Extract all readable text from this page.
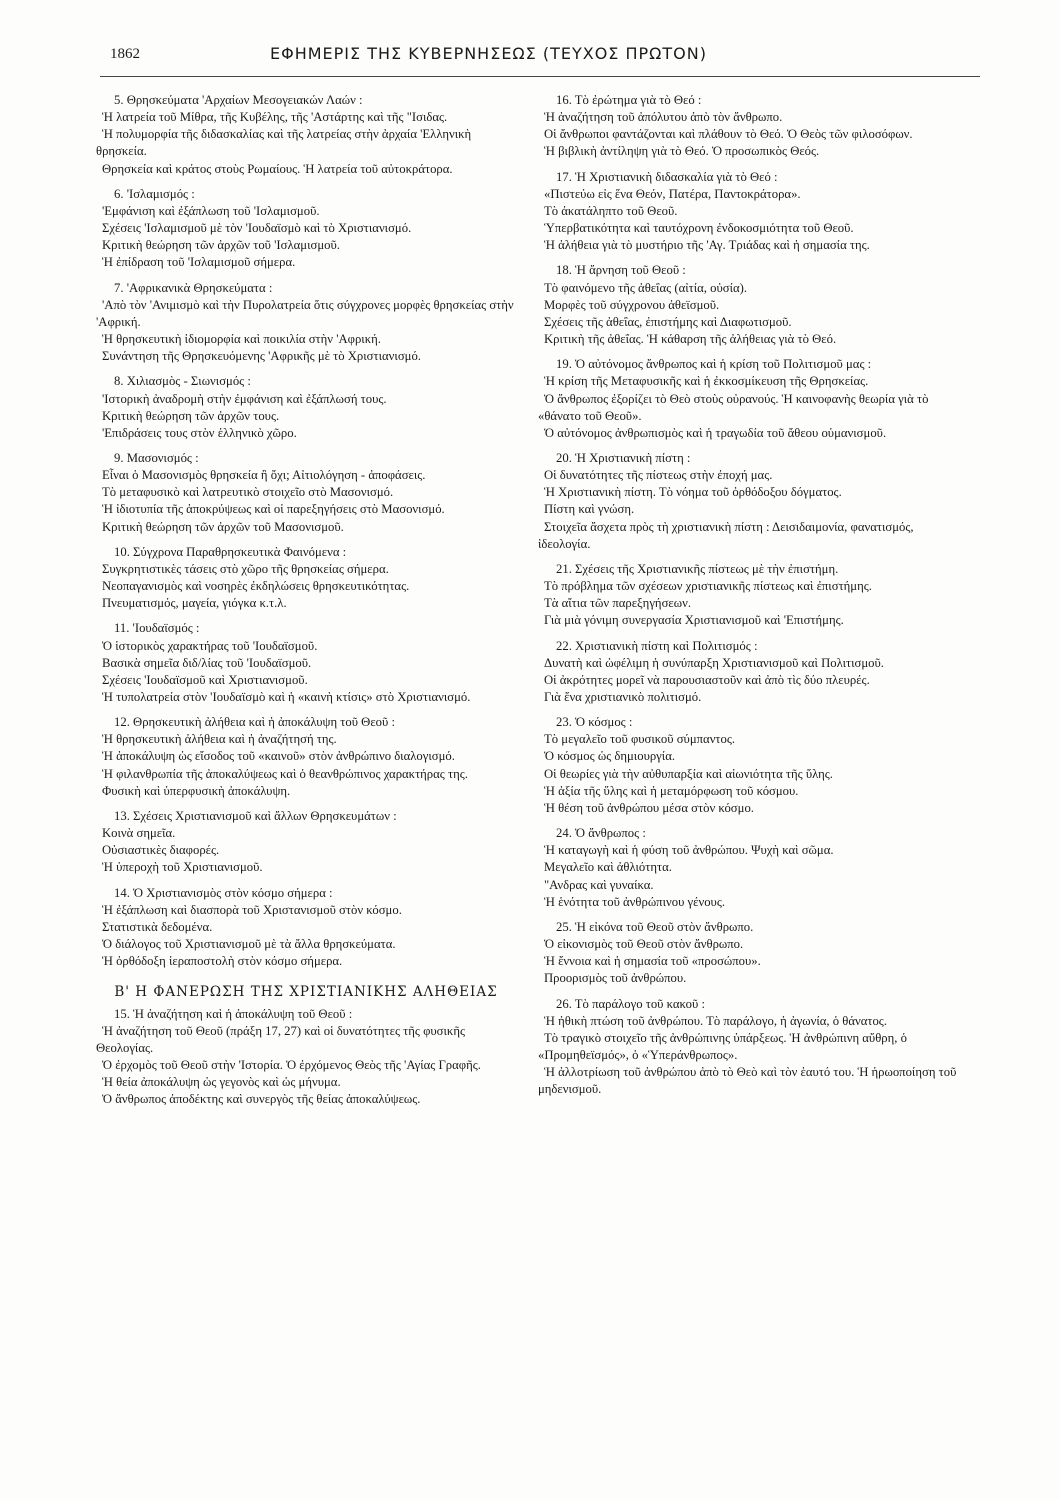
1862	ΕΦΗΜΕΡΙΣ ΤΗΣ ΚΥΒΕΡΝΗΣΕΩΣ (ΤΕΥΧΟΣ ΠΡΩΤΟΝ)

5. Θρησκεύματα 'Αρχαίων Μεσογειακών Λαών :

Ἡ λατρεία τοῦ Μίθρα, τῆς Κυβέλης, τῆς 'Αστάρτης καὶ τῆς "Ισιδας.

Ἡ πολυμορφία τῆς διδασκαλίας καὶ τῆς λατρείας στὴν ἀρχαία 'Ελληνικὴ θρησκεία.

Θρησκεία καὶ κράτος στοὺς Ρωμαίους. Ἡ λατρεία τοῦ αὐτοκράτορα.

6. 'Ισλαμισμός :

'Εμφάνιση καὶ ἐξάπλωση τοῦ 'Ισλαμισμοῦ.

Σχέσεις 'Ισλαμισμοῦ μὲ τὸν 'Ιουδαϊσμὸ καὶ τὸ Χριστιανισμό.

Κριτικὴ θεώρηση τῶν ἀρχῶν τοῦ 'Ισλαμισμοῦ.

Ἡ ἐπίδραση τοῦ 'Ισλαμισμοῦ σήμερα.

7. 'Αφρικανικὰ Θρησκεύματα :

'Απὸ τὸν 'Ανιμισμὸ καὶ τὴν Πυρολατρεία ὅτις σύγχρονες μορφὲς θρησκείας στὴν 'Αφρική.

Ἡ θρησκευτικὴ ἰδιομορφία καὶ ποικιλία στὴν 'Αφρική.

Συνάντηση τῆς Θρησκευόμενης 'Αφρικῆς μὲ τὸ Χριστιανισμό.

8. Χιλιασμὸς - Σιωνισμός :

'Ιστορικὴ ἀναδρομὴ στὴν ἐμφάνιση καὶ ἐξάπλωσή τους.

Κριτικὴ θεώρηση τῶν ἀρχῶν τους.

'Επιδράσεις τους στὸν ἑλληνικὸ χῶρο.

9. Μασονισμός :

Εἶναι ὁ Μασονισμὸς θρησκεία ἢ ὄχι; Αἰτιολόγηση - ἀποφάσεις.

Τὸ μεταφυσικὸ καὶ λατρευτικὸ στοιχεῖο στὸ Μασονισμό.

Ἡ ἰδιοτυπία τῆς ἀποκρύψεως καὶ οἱ παρεξηγήσεις στὸ Μασονισμό.

Κριτικὴ θεώρηση τῶν ἀρχῶν τοῦ Μασονισμοῦ.

10. Σύγχρονα Παραθρησκευτικὰ Φαινόμενα :

Συγκρητιστικὲς τάσεις στὸ χῶρο τῆς θρησκείας σήμερα.

Νεοπαγανισμὸς καὶ νοσηρὲς ἐκδηλώσεις θρησκευτικότητας.

Πνευματισμός, μαγεία, γιόγκα κ.τ.λ.

11. 'Ιουδαϊσμός :

Ὁ ἱστορικὸς χαρακτήρας τοῦ 'Ιουδαϊσμοῦ.

Βασικὰ σημεῖα διδ/λίας τοῦ 'Ιουδαϊσμοῦ.

Σχέσεις 'Ιουδαϊσμοῦ καὶ Χριστιανισμοῦ.

Ἡ τυπολατρεία στὸν 'Ιουδαϊσμὸ καὶ ἡ «καινὴ κτίσις» στὸ Χριστιανισμό.

12. Θρησκευτικὴ ἀλήθεια καὶ ἡ ἀποκάλυψη τοῦ Θεοῦ :

Ἡ θρησκευτικὴ ἀλήθεια καὶ ἡ ἀναζήτησή της.

Ἡ ἀποκάλυψη ὡς εἴσοδος τοῦ «καινοῦ» στὸν ἀνθρώπινο διαλογισμό.

Ἡ φιλανθρωπία τῆς ἀποκαλύψεως καὶ ὁ θεανθρώπινος χαρακτήρας της.

Φυσικὴ καὶ ὑπερφυσικὴ ἀποκάλυψη.

13. Σχέσεις Χριστιανισμοῦ καὶ ἄλλων Θρησκευμάτων :

Κοινὰ σημεῖα.

Οὐσιαστικὲς διαφορές.

Ἡ ὑπεροχὴ τοῦ Χριστιανισμοῦ.

14. Ὁ Χριστιανισμὸς στὸν κόσμο σήμερα :

Ἡ ἐξάπλωση καὶ διασπορὰ τοῦ Χριστανισμοῦ στὸν κόσμο.

Στατιστικὰ δεδομένα.

Ὁ διάλογος τοῦ Χριστιανισμοῦ μὲ τὰ ἄλλα θρησκεύματα.

Ἡ ὀρθόδοξη ἱεραποστολὴ στὸν κόσμο σήμερα.

Β' Η ΦΑΝΕΡΩΣΗ ΤΗΣ ΧΡΙΣΤΙΑΝΙΚΗΣ ΑΛΗΘΕΙΑΣ

15. Ἡ ἀναζήτηση καὶ ἡ ἀποκάλυψη τοῦ Θεοῦ :

Ἡ ἀναζήτηση τοῦ Θεοῦ (πράξη 17, 27) καὶ οἱ δυνατότητες τῆς φυσικῆς Θεολογίας.

Ὁ ἐρχομὸς τοῦ Θεοῦ στὴν 'Ιστορία. Ὁ ἐρχόμενος Θεὸς τῆς 'Αγίας Γραφῆς.

Ἡ θεία ἀποκάλυψη ὡς γεγονὸς καὶ ὡς μήνυμα.

Ὁ ἄνθρωπος ἀποδέκτης καὶ συνεργὸς τῆς θείας ἀποκαλύψεως.

16. Τὸ ἐρώτημα γιὰ τὸ Θεό :

Ἡ ἀναζήτηση τοῦ ἀπόλυτου ἀπὸ τὸν ἄνθρωπο.

Οἱ ἄνθρωποι φαντάζονται καὶ πλάθουν τὸ Θεό. Ὁ Θεὸς τῶν φιλοσόφων.

Ἡ βιβλικὴ ἀντίληψη γιὰ τὸ Θεό. Ὁ προσωπικὸς Θεός.

17. Ἡ Χριστιανικὴ διδασκαλία γιὰ τὸ Θεό :

«Πιστεύω εἰς ἕνα Θεόν, Πατέρα, Παντοκράτορα».

Τὸ ἀκατάληπτο τοῦ Θεοῦ.

Ὑπερβατικότητα καὶ ταυτόχρονη ἐνδοκοσμιότητα τοῦ Θεοῦ.

Ἡ ἀλήθεια γιὰ τὸ μυστήριο τῆς 'Αγ. Τριάδας καὶ ἡ σημασία της.

18. Ἡ ἄρνηση τοῦ Θεοῦ :

Τὸ φαινόμενο τῆς ἀθεΐας (αἰτία, οὐσία).

Μορφὲς τοῦ σύγχρονου ἀθεϊσμοῦ.

Σχέσεις τῆς ἀθεΐας, ἐπιστήμης καὶ Διαφωτισμοῦ.

Κριτικὴ τῆς ἀθεΐας. Ἡ κάθαρση τῆς ἀλήθειας γιὰ τὸ Θεό.

19. Ὁ αὐτόνομος ἄνθρωπος καὶ ἡ κρίση τοῦ Πολιτισμοῦ μας :

Ἡ κρίση τῆς Μεταφυσικῆς καὶ ἡ ἐκκοσμίκευση τῆς Θρησκείας.

Ὁ ἄνθρωπος ἐξορίζει τὸ Θεὸ στοὺς οὐρανούς. Ἡ καινοφανὴς θεωρία γιὰ τὸ «θάνατο τοῦ Θεοῦ».

Ὁ αὐτόνομος ἀνθρωπισμὸς καὶ ἡ τραγωδία τοῦ ἄθεου οὑμανισμοῦ.

20. Ἡ Χριστιανικὴ πίστη :

Οἱ δυνατότητες τῆς πίστεως στὴν ἐποχή μας.

Ἡ Χριστιανικὴ πίστη. Τὸ νόημα τοῦ ὀρθόδοξου δόγματος.

Πίστη καὶ γνώση.

Στοιχεῖα ἄσχετα πρὸς τὴ χριστιανικὴ πίστη : Δεισιδαιμονία, φανατισμός, ἰδεολογία.

21. Σχέσεις τῆς Χριστιανικῆς πίστεως μὲ τὴν ἐπιστήμη.

Τὸ πρόβλημα τῶν σχέσεων χριστιανικῆς πίστεως καὶ ἐπιστήμης.

Τὰ αἴτια τῶν παρεξηγήσεων.

Γιὰ μιὰ γόνιμη συνεργασία Χριστιανισμοῦ καὶ 'Επιστήμης.

22. Χριστιανικὴ πίστη καὶ Πολιτισμός :

Δυνατὴ καὶ ὠφέλιμη ἡ συνύπαρξη Χριστιανισμοῦ καὶ Πολιτισμοῦ.

Οἱ ἀκρότητες μορεῖ νὰ παρουσιαστοῦν καὶ ἀπὸ τὶς δύο πλευρές.

Γιὰ ἕνα χριστιανικὸ πολιτισμό.

23. Ὁ κόσμος :

Τὸ μεγαλεῖο τοῦ φυσικοῦ σύμπαντος.

Ὁ κόσμος ὡς δημιουργία.

Οἱ θεωρίες γιὰ τὴν αὐθυπαρξία καὶ αἰωνιότητα τῆς ὕλης.

Ἡ ἀξία τῆς ὕλης καὶ ἡ μεταμόρφωση τοῦ κόσμου.

Ἡ θέση τοῦ ἀνθρώπου μέσα στὸν κόσμο.

24. Ὁ ἄνθρωπος :

Ἡ καταγωγὴ καὶ ἡ φύση τοῦ ἀνθρώπου. Ψυχὴ καὶ σῶμα.

Μεγαλεῖο καὶ ἀθλιότητα.

"Ανδρας καὶ γυναίκα.

Ἡ ἑνότητα τοῦ ἀνθρώπινου γένους.

25. Ἡ εἰκόνα τοῦ Θεοῦ στὸν ἄνθρωπο.

Ὁ εἰκονισμὸς τοῦ Θεοῦ στὸν ἄνθρωπο.

Ἡ ἔννοια καὶ ἡ σημασία τοῦ «προσώπου».

Προορισμὸς τοῦ ἀνθρώπου.

26. Τὸ παράλογο τοῦ κακοῦ :

Ἡ ἠθικὴ πτώση τοῦ ἀνθρώπου. Τὸ παράλογο, ἡ ἀγωνία, ὁ θάνατος.

Τὸ τραγικὸ στοιχεῖο τῆς ἀνθρώπινης ὑπάρξεως. Ἡ ἀνθρώπινη αὔθρη, ὁ «Προμηθεϊσμός», ὁ «Ὑπεράνθρωπος».

Ἡ ἀλλοτρίωση τοῦ ἀνθρώπου ἀπὸ τὸ Θεὸ καὶ τὸν ἑαυτό του. Ἡ ἡρωοποίηση τοῦ μηδενισμοῦ.
